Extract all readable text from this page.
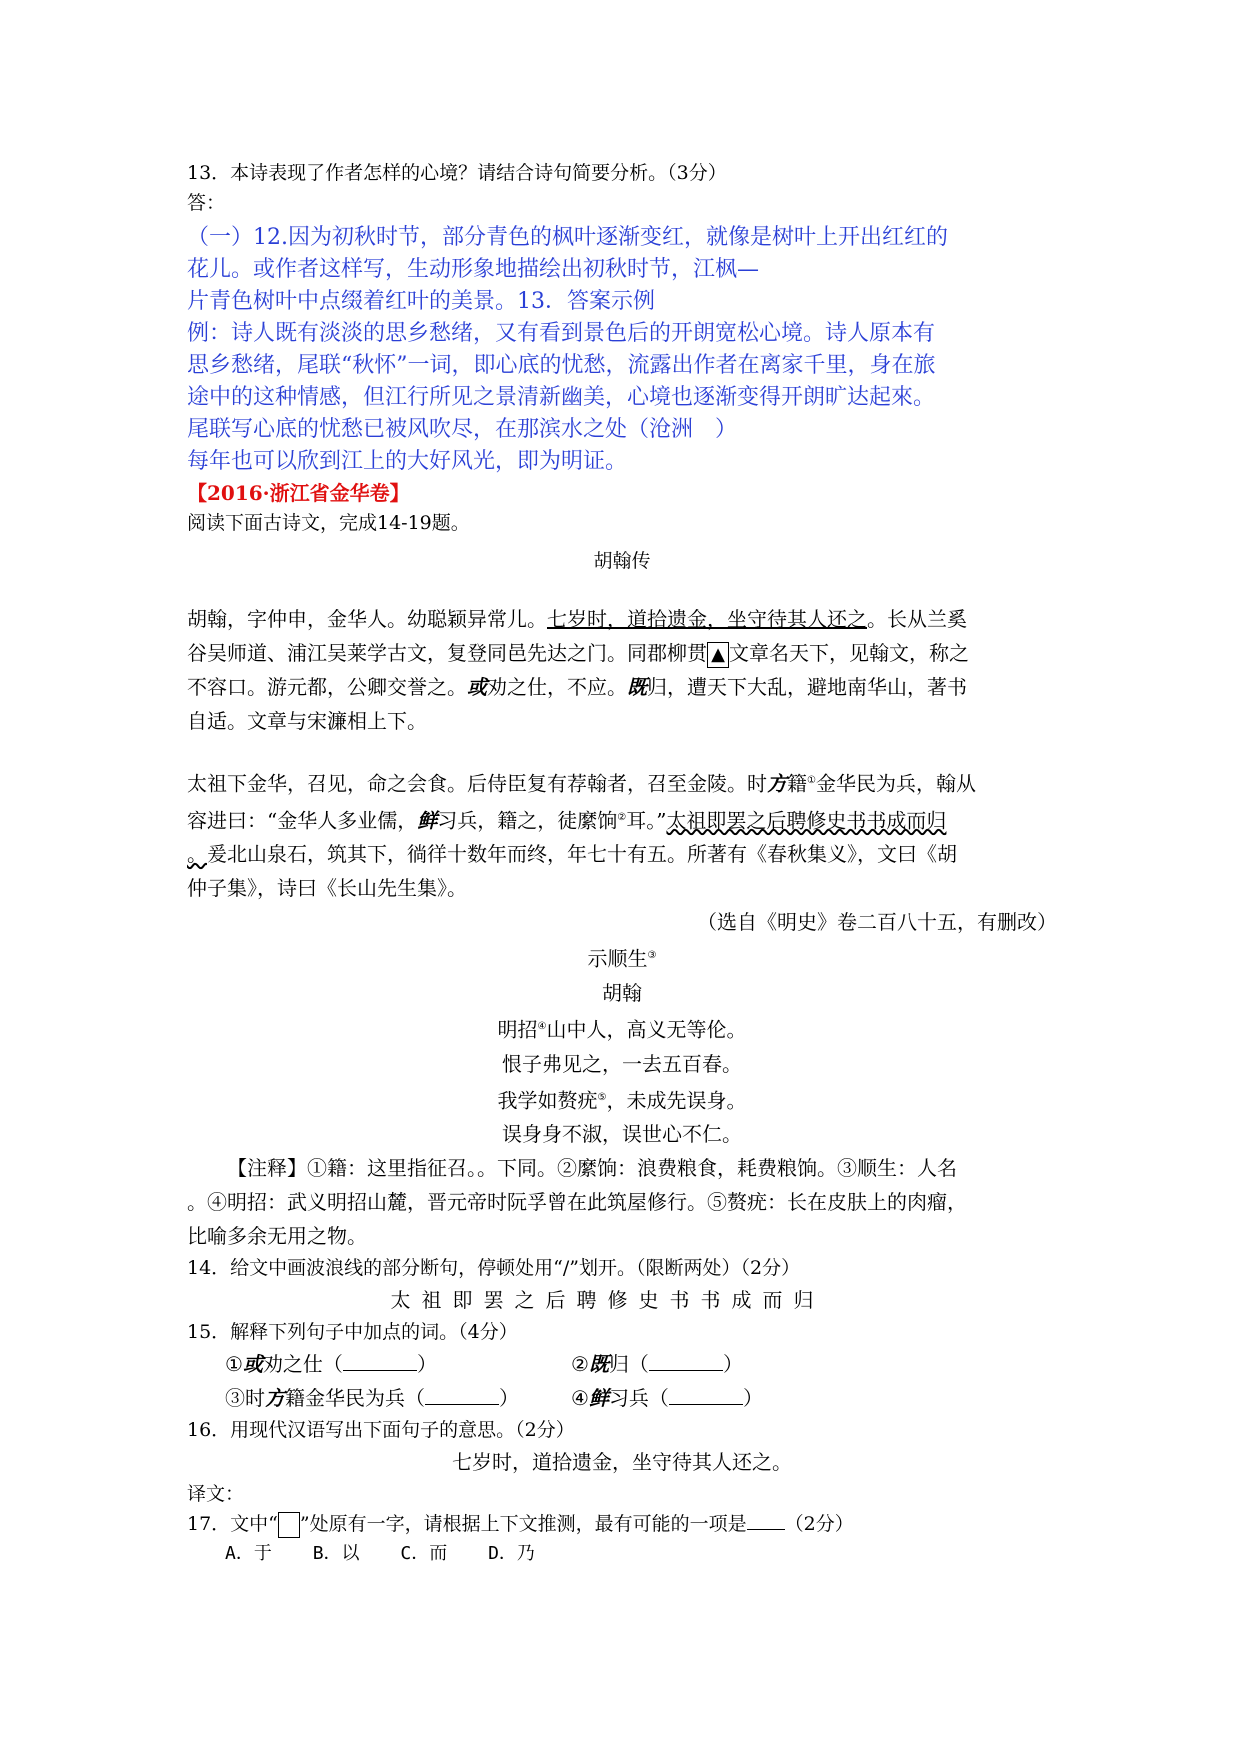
13．本诗表现了作者怎样的心境？请结合诗句简要分析。（3分）
答：
（一）12.因为初秋时节，部分青色的枫叶逐渐变红，就像是树叶上开出红红的
花儿。或作者这样写，生动形象地描绘出初秋时节，江枫—
片青色树叶中点缀着红叶的美景。13．答案示例
例：诗人既有淡淡的思乡愁绪，又有看到景色后的开朗宽松心境。诗人原本有
思乡愁绪，尾联“秋怀”一词，即心底的忧愁，流露出作者在离家千里，身在旅
途中的这种情感，但江行所见之景清新幽美，心境也逐渐变得开朗旷达起來。
尾联写心底的忧愁已被风吹尽，在那滨水之处（沧洲　）
每年也可以欣到江上的大好风光，即为明证。
【2016·浙江省金华卷】
阅读下面古诗文，完成14-19题。
胡翰传
胡翰，字仲申，金华人。幼聪颖异常儿。七岁时，道拾遗金，坐守待其人还之。长从兰奚
谷吴师道、浦江吴莱学古文，复登同邑先达之门。同郡柳贯 ▲ 文章名天下，见翰文，称之
不容口。游元都，公卿交誉之。或劝之仕，不应。既归，遭天下大乱，避地南华山，著书
自适。文章与宋濂相上下。
太祖下金华，召见，命之会食。后侍臣复有荐翰者，召至金陵。时方籍①金华民为兵，翰从
容进曰：“金华人多业儒，鲜习兵，籍之，徒縻饷②耳。”太祖即罢之后聘修史书书成而归
。爰北山泉石，筑其下，徜徉十数年而终，年七十有五。所著有《春秋集义》，文曰《胡
仲子集》，诗曰《长山先生集》。
（选自《明史》卷二百八十五，有删改）
示顺生③
胡翰
明招④山中人，高义无等伦。
恨子弗见之，一去五百春。
我学如赘疣⑤，未成先误身。
误身身不淑，误世心不仁。
【注释】①籍：这里指征召。。下同。②縻饷：浪费粮食，耗费粮饷。③顺生：人名
。④明招：武义明招山麓，晋元帝时阮孚曾在此筑屋修行。⑤赘疣：长在皮肤上的肉瘤，
比喻多余无用之物。
14．给文中画波浪线的部分断句，停顿处用“/”划开。（限断两处）（2分）
太 祖 即 罢 之 后 聘 修 史 书 书 成 而 归
15．解释下列句子中加点的词。（4分）
①或劝之仕（	）	②既归（	）
③时方籍金华民为兵（	）	④鲜习兵（	）
16．用现代汉语写出下面句子的意思。（2分）
七岁时，道拾遗金，坐守待其人还之。
译文：
17．文中“ ”处原有一字，请根据上下文推测，最有可能的一项是 （2分）
A．于 B．以 C．而 D．乃
